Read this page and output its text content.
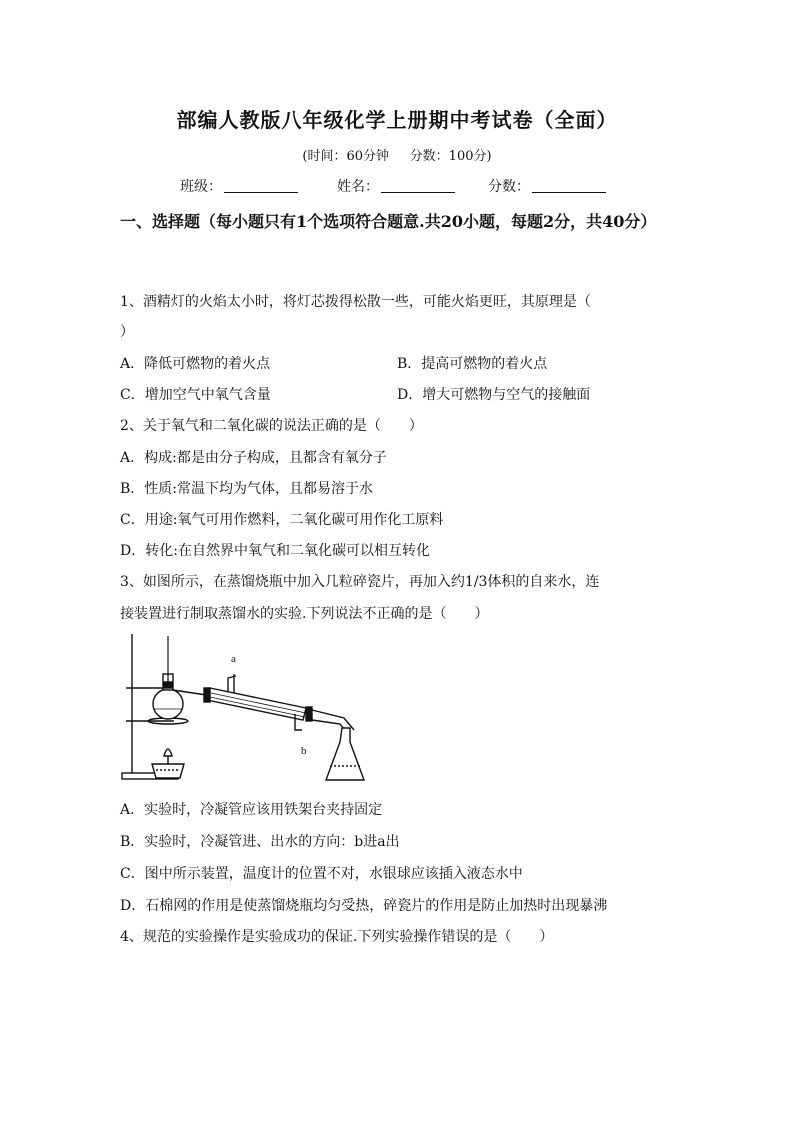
部编人教版八年级化学上册期中考试卷（全面）
(时间：60分钟     分数：100分)
班级：	姓名：	分数：
一、选择题（每小题只有1个选项符合题意.共20小题，每题2分，共40分）
1、酒精灯的火焰太小时，将灯芯拨得松散一些，可能火焰更旺，其原理是（
）
A．降低可燃物的着火点	B．提高可燃物的着火点
C．增加空气中氧气含量	D．增大可燃物与空气的接触面
2、关于氧气和二氧化碳的说法正确的是（　　）
A．构成:都是由分子构成，且都含有氧分子
B．性质:常温下均为气体，且都易溶于水
C．用途:氧气可用作燃料，二氧化碳可用作化工原料
D．转化:在自然界中氧气和二氧化碳可以相互转化
3、如图所示，在蒸馏烧瓶中加入几粒碎瓷片，再加入约1/3体积的自来水，连
接装置进行制取蒸馏水的实验.下列说法不正确的是（　　）
a
b
A．实验时，冷凝管应该用铁架台夹持固定
B．实验时，冷凝管进、出水的方向：b进a出
C．图中所示装置，温度计的位置不对，水银球应该插入液态水中
D．石棉网的作用是使蒸馏烧瓶均匀受热，碎瓷片的作用是防止加热时出现暴沸
4、规范的实验操作是实验成功的保证.下列实验操作错误的是（　　）
